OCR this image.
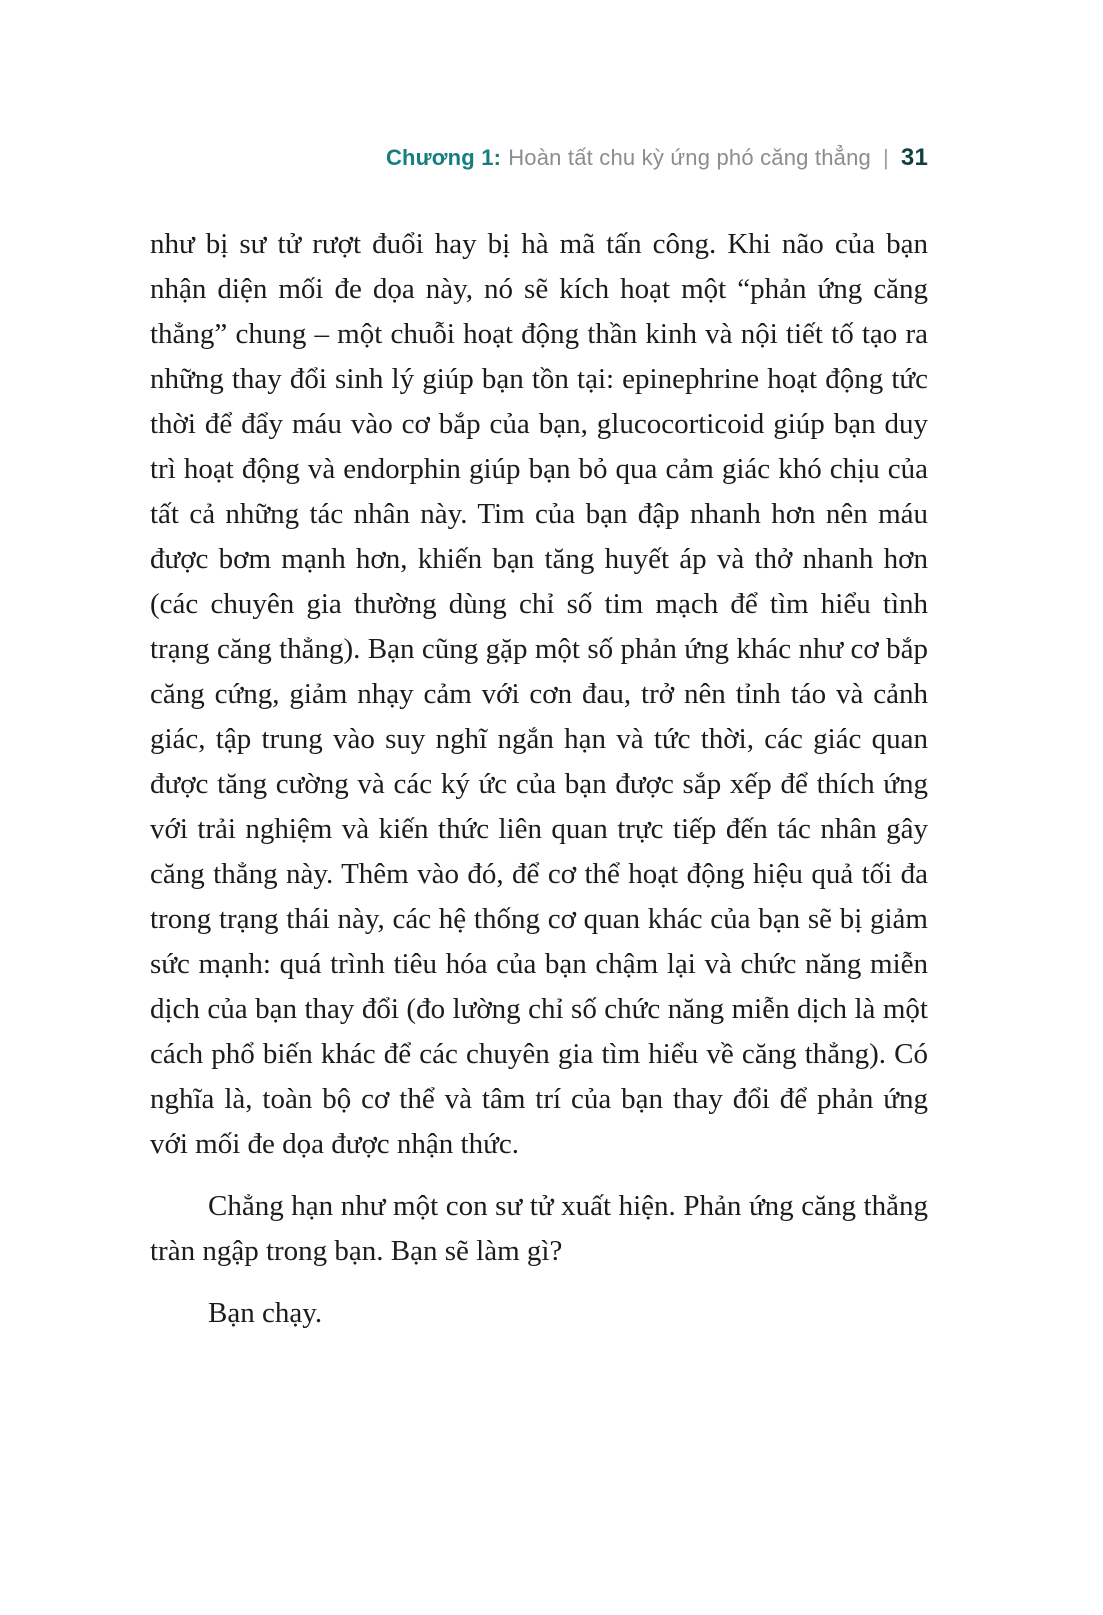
Chương 1: Hoàn tất chu kỳ ứng phó căng thẳng | 31

như bị sư tử rượt đuổi hay bị hà mã tấn công. Khi não của bạn nhận diện mối đe dọa này, nó sẽ kích hoạt một “phản ứng căng thẳng” chung – một chuỗi hoạt động thần kinh và nội tiết tố tạo ra những thay đổi sinh lý giúp bạn tồn tại: epinephrine hoạt động tức thời để đẩy máu vào cơ bắp của bạn, glucocorticoid giúp bạn duy trì hoạt động và endorphin giúp bạn bỏ qua cảm giác khó chịu của tất cả những tác nhân này. Tim của bạn đập nhanh hơn nên máu được bơm mạnh hơn, khiến bạn tăng huyết áp và thở nhanh hơn (các chuyên gia thường dùng chỉ số tim mạch để tìm hiểu tình trạng căng thẳng). Bạn cũng gặp một số phản ứng khác như cơ bắp căng cứng, giảm nhạy cảm với cơn đau, trở nên tỉnh táo và cảnh giác, tập trung vào suy nghĩ ngắn hạn và tức thời, các giác quan được tăng cường và các ký ức của bạn được sắp xếp để thích ứng với trải nghiệm và kiến thức liên quan trực tiếp đến tác nhân gây căng thẳng này. Thêm vào đó, để cơ thể hoạt động hiệu quả tối đa trong trạng thái này, các hệ thống cơ quan khác của bạn sẽ bị giảm sức mạnh: quá trình tiêu hóa của bạn chậm lại và chức năng miễn dịch của bạn thay đổi (đo lường chỉ số chức năng miễn dịch là một cách phổ biến khác để các chuyên gia tìm hiểu về căng thẳng). Có nghĩa là, toàn bộ cơ thể và tâm trí của bạn thay đổi để phản ứng với mối đe dọa được nhận thức.

Chẳng hạn như một con sư tử xuất hiện. Phản ứng căng thẳng tràn ngập trong bạn. Bạn sẽ làm gì?

Bạn chạy.
